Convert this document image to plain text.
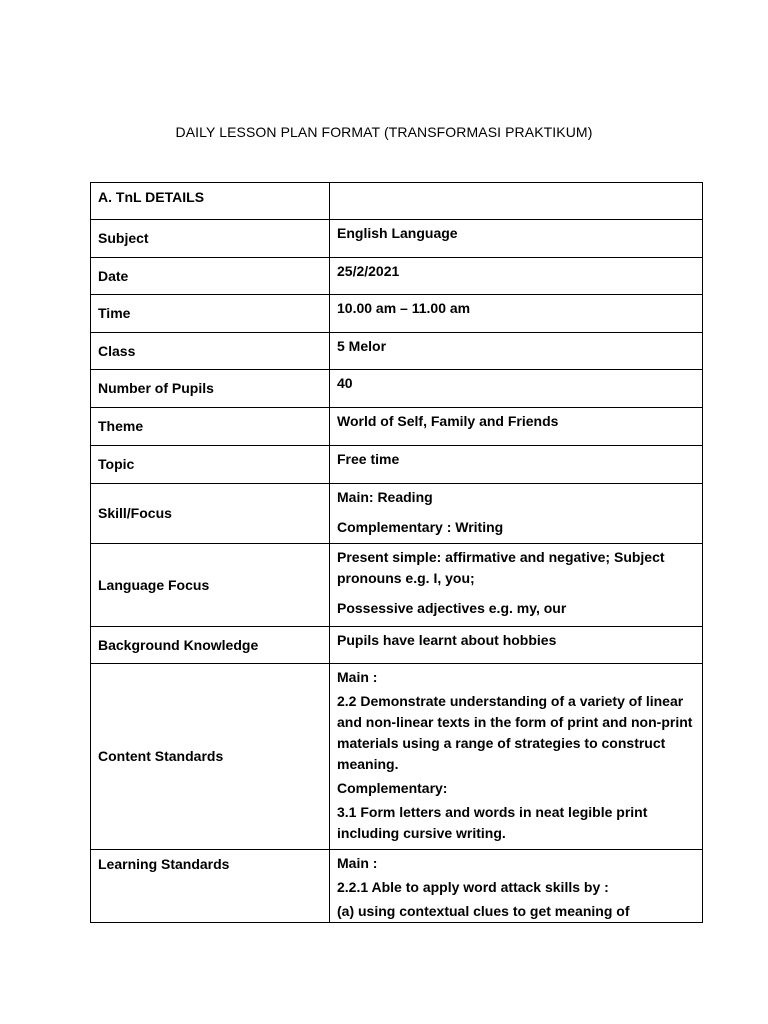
DAILY LESSON PLAN FORMAT (TRANSFORMASI PRAKTIKUM)
A. TnL DETAILS	
Subject	English Language

Date	25/2/2021

Time	10.00 am – 11.00 am

Class	5 Melor

Number of Pupils	40

Theme	World of Self, Family and Friends

Topic	Free time

Skill/Focus	Main: Reading
Complementary : Writing

Language Focus	Present simple: affirmative and negative; Subject pronouns e.g. I, you;
Possessive adjectives e.g. my, our

Background Knowledge	Pupils have learnt about hobbies

Content Standards	Main :
2.2 Demonstrate understanding of a variety of linear and non-linear texts in the form of print and non-print materials using a range of strategies to construct meaning.
Complementary:
3.1 Form letters and words in neat legible print including cursive writing.

Learning Standards	Main :
2.2.1 Able to apply word attack skills by :
(a) using contextual clues to get meaning of
